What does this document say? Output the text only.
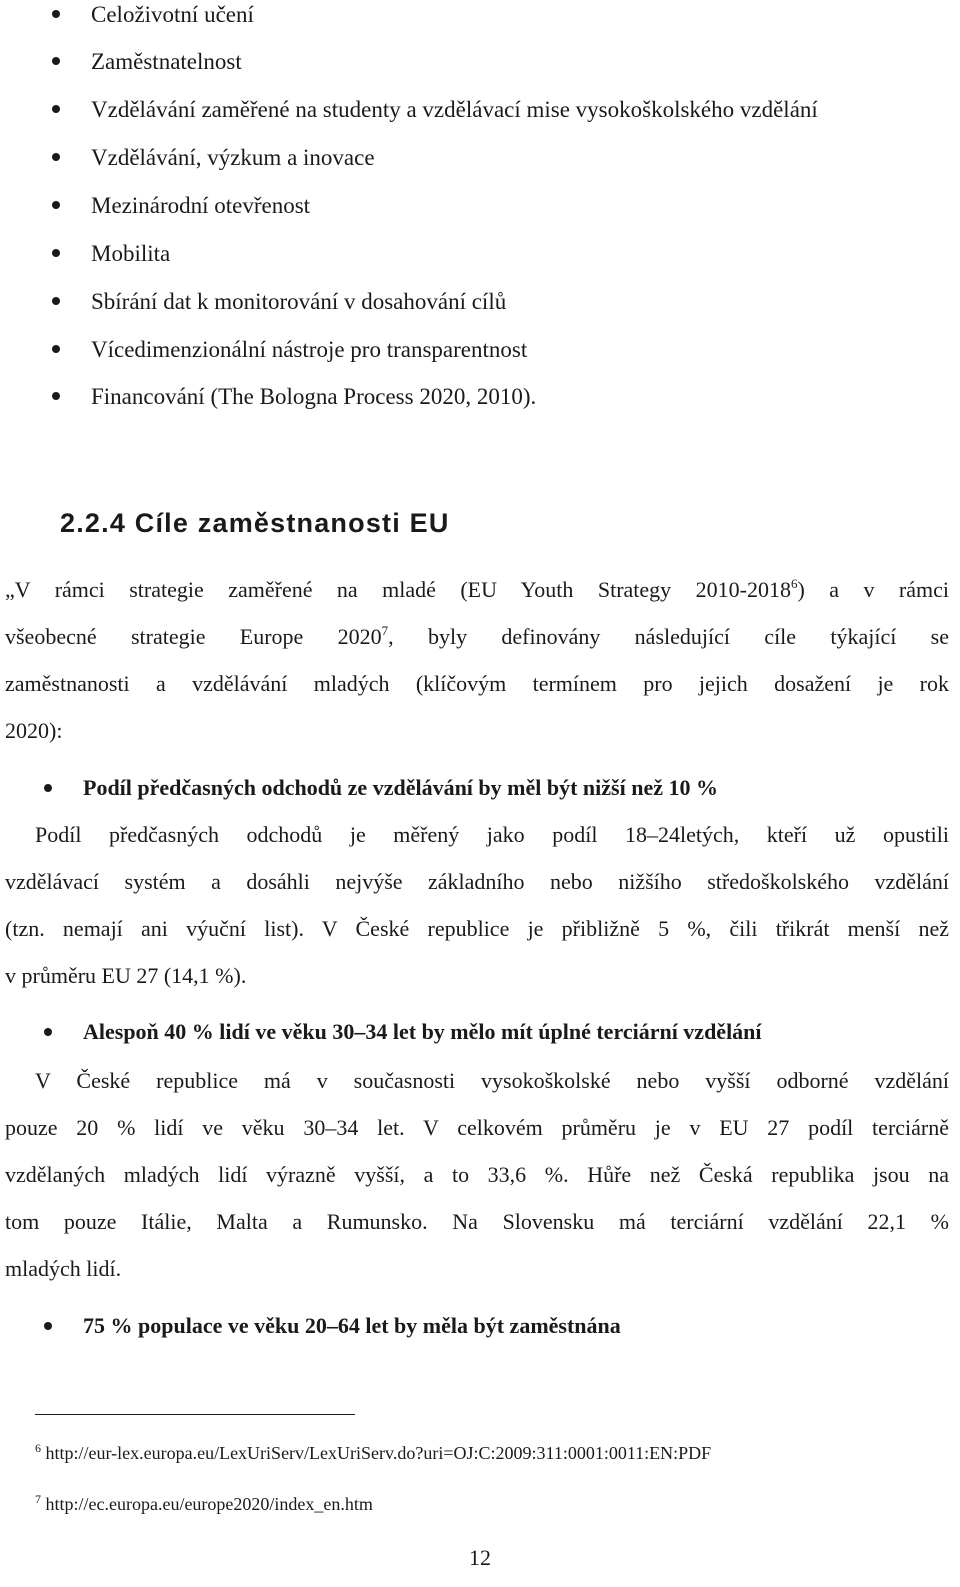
Celoživotní učení
Zaměstnatelnost
Vzdělávání zaměřené na studenty a vzdělávací mise vysokoškolského vzdělání
Vzdělávání, výzkum a inovace
Mezinárodní otevřenost
Mobilita
Sbírání dat k monitorování v dosahování cílů
Vícedimenzionální nástroje pro transparentnost
Financování (The Bologna Process 2020, 2010).
2.2.4 Cíle zaměstnanosti EU
„V rámci strategie zaměřené na mladé (EU Youth Strategy 2010-2018$^6$) a v rámci
všeobecné strategie Europe 2020$^7$, byly definovány následující cíle týkající se
zaměstnanosti a vzdělávání mladých (klíčovým termínem pro jejich dosažení je rok
2020):
Podíl předčasných odchodů ze vzdělávání by měl být nižší než 10 %
Podíl předčasných odchodů je měřený jako podíl 18–24letých, kteří už opustili
vzdělávací systém a dosáhli nejvýše základního nebo nižšího středoškolského vzdělání
(tzn. nemají ani výuční list). V České republice je přibližně 5 %, čili třikrát menší než
v průměru EU 27 (14,1 %).
Alespoň 40 % lidí ve věku 30–34 let by mělo mít úplné terciární vzdělání
V České republice má v současnosti vysokoškolské nebo vyšší odborné vzdělání
pouze 20 % lidí ve věku 30–34 let. V celkovém průměru je v EU 27 podíl terciárně
vzdělaných mladých lidí výrazně vyšší, a to 33,6 %. Hůře než Česká republika jsou na
tom pouze Itálie, Malta a Rumunsko. Na Slovensku má terciární vzdělání 22,1 %
mladých lidí.
75 % populace ve věku 20–64 let by měla být zaměstnána
$^6$ http://eur-lex.europa.eu/LexUriServ/LexUriServ.do?uri=OJ:C:2009:311:0001:0011:EN:PDF
$^7$ http://ec.europa.eu/europe2020/index_en.htm
12
